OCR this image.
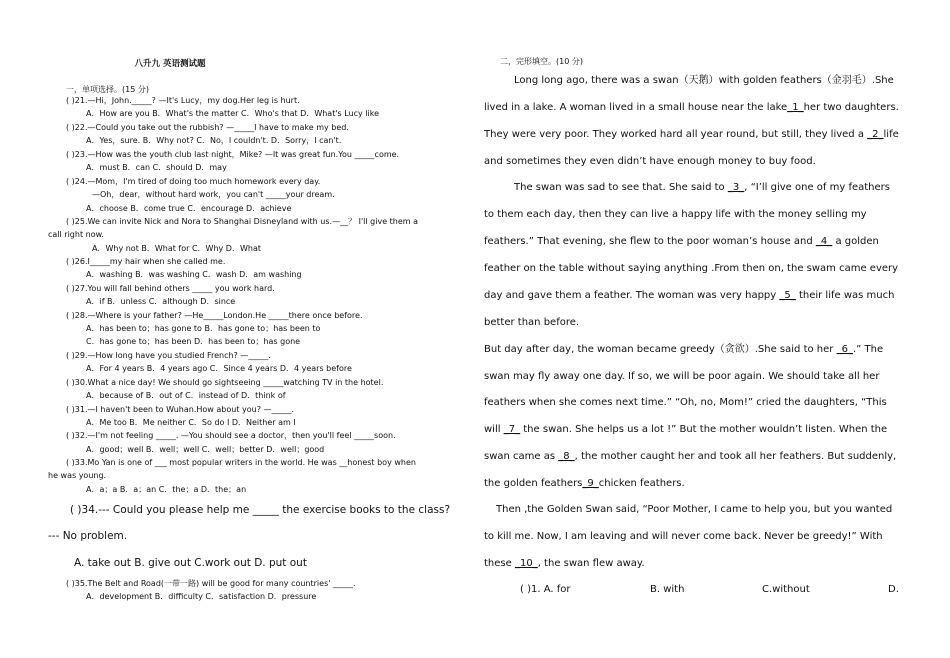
八升九 英语测试题
一，单项选择。(15 分)
( )21.—Hi，John._____? —It's Lucy，my dog.Her leg is hurt.
A．How are you B．What's the matter C．Who's that D．What's Lucy like
( )22.—Could you take out the rubbish? —_____I have to make my bed.
A．Yes，sure. B．Why not? C．No，I couldn't. D．Sorry，I can't.
( )23.—How was the youth club last night，Mike? —It was great fun.You _____come.
A．must B．can C．should D．may
( )24.—Mom，I'm tired of doing too much homework every day.
—Oh，dear，without hard work，you can't _____your dream.
A．choose B．come true C．encourage D．achieve
( )25.We can invite Nick and Nora to Shanghai Disneyland with us.—__？ I'll give them a
call right now.
A．Why not B．What for C．Why D．What
( )26.I_____my hair when she called me.
A．washing B．was washing C．wash D．am washing
( )27.You will fall behind others _____ you work hard.
A．if B．unless C．although D．since
( )28.—Where is your father? —He_____London.He _____there once before.
A．has been to；has gone to B．has gone to；has been to
C．has gone to；has been D．has been to；has gone
( )29.—How long have you studied French? —_____.
A．For 4 years B．4 years ago C．Since 4 years D．4 years before
( )30.What a nice day! We should go sightseeing _____watching TV in the hotel.
A．because of B．out of C．instead of D．think of
( )31.—I haven't been to Wuhan.How about you? —_____.
A．Me too B．Me neither C．So do I D．Neither am I
( )32.—I'm not feeling _____. —You should see a doctor，then you'll feel _____soon.
A．good；well B．well；well C．well；better D．well；good
( )33.Mo Yan is one of ___ most popular writers in the world. He was __honest boy when
he was young.
A．a；a B．a；an C．the；a D．the；an
( )34.--- Could you please help me _____ the exercise books to the class?
--- No problem.
A. take out B. give out C.work out D. put out
( )35.The Belt and Road(一带一路) will be good for many countries' _____.
A．development B．difficulty C．satisfaction D．pressure
二，完形填空。(10 分)
Long long ago, there was a swan（天鹅）with golden feathers（金羽毛）.She
lived in a lake. A woman lived in a small house near the lake_1_her two daughters.
They were very poor. They worked hard all year round, but still, they lived a _2_life
and sometimes they even didn’t have enough money to buy food.
The swan was sad to see that. She said to _3_, “I’ll give one of my feathers
to them each day, then they can live a happy life with the money selling my
feathers.” That evening, she flew to the poor woman’s house and _4_ a golden
feather on the table without saying anything .From then on, the swam came every
day and gave them a feather. The woman was very happy _5_ their life was much
better than before.
But day after day, the woman became greedy（贪欲）.She said to her _6_.” The
swan may fly away one day. If so, we will be poor again. We should take all her
feathers when she comes next time.” “Oh, no, Mom!” cried the daughters, “This
will _7_ the swan. She helps us a lot !” But the mother wouldn’t listen. When the
swan came as _8_, the mother caught her and took all her feathers. But suddenly,
the golden feathers_9_chicken feathers.
Then ,the Golden Swan said, “Poor Mother, I came to help you, but you wanted
to kill me. Now, I am leaving and will never come back. Never be greedy!” With
these _10_, the swan flew away.
( )1. A. for	B. with	C.without	D.
